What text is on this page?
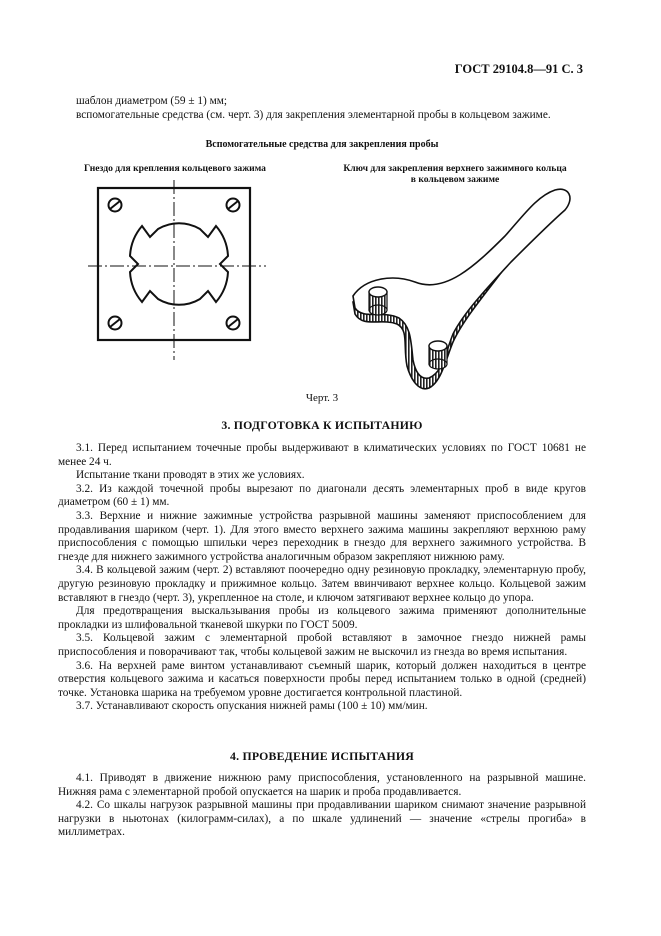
ГОСТ 29104.8—91 С. 3

шаблон диаметром (59 ± 1) мм;

вспомогательные средства (см. черт. 3) для закрепления элементарной пробы в кольцевом зажиме.

Вспомогательные средства для закрепления пробы
Гнездо для крепления кольцевого зажима	Ключ для закрепления верхнего зажимного кольца
в кольцевом зажиме
Черт. 3
3. ПОДГОТОВКА К ИСПЫТАНИЮ

3.1. Перед испытанием точечные пробы выдерживают в климатических условиях по ГОСТ 10681 не менее 24 ч.

Испытание ткани проводят в этих же условиях.

3.2. Из каждой точечной пробы вырезают по диагонали десять элементарных проб в виде кругов диаметром (60 ± 1) мм.

3.3. Верхние и нижние зажимные устройства разрывной машины заменяют приспособлением для продавливания шариком (черт. 1). Для этого вместо верхнего зажима машины закрепляют верхнюю раму приспособления с помощью шпильки через переходник в гнездо для верхнего зажимного устройства. В гнезде для нижнего зажимного устройства аналогичным образом закрепляют нижнюю раму.

3.4. В кольцевой зажим (черт. 2) вставляют поочередно одну резиновую прокладку, элементарную пробу, другую резиновую прокладку и прижимное кольцо. Затем ввинчивают верхнее кольцо. Кольцевой зажим вставляют в гнездо (черт. 3), укрепленное на столе, и ключом затягивают верхнее кольцо до упора.

Для предотвращения выскальзывания пробы из кольцевого зажима применяют дополнительные прокладки из шлифовальной тканевой шкурки по ГОСТ 5009.

3.5. Кольцевой зажим с элементарной пробой вставляют в замочное гнездо нижней рамы приспособления и поворачивают так, чтобы кольцевой зажим не выскочил из гнезда во время испытания.

3.6. На верхней раме винтом устанавливают съемный шарик, который должен находиться в центре отверстия кольцевого зажима и касаться поверхности пробы перед испытанием только в одной (средней) точке. Установка шарика на требуемом уровне достигается контрольной пластиной.

3.7. Устанавливают скорость опускания нижней рамы (100 ± 10) мм/мин.

4. ПРОВЕДЕНИЕ ИСПЫТАНИЯ

4.1. Приводят в движение нижнюю раму приспособления, установленного на разрывной машине. Нижняя рама с элементарной пробой опускается на шарик и проба продавливается.

4.2. Со шкалы нагрузок разрывной машины при продавливании шариком снимают значение разрывной нагрузки в ньютонах (килограмм-силах), а по шкале удлинений — значение «стрелы прогиба» в миллиметрах.
